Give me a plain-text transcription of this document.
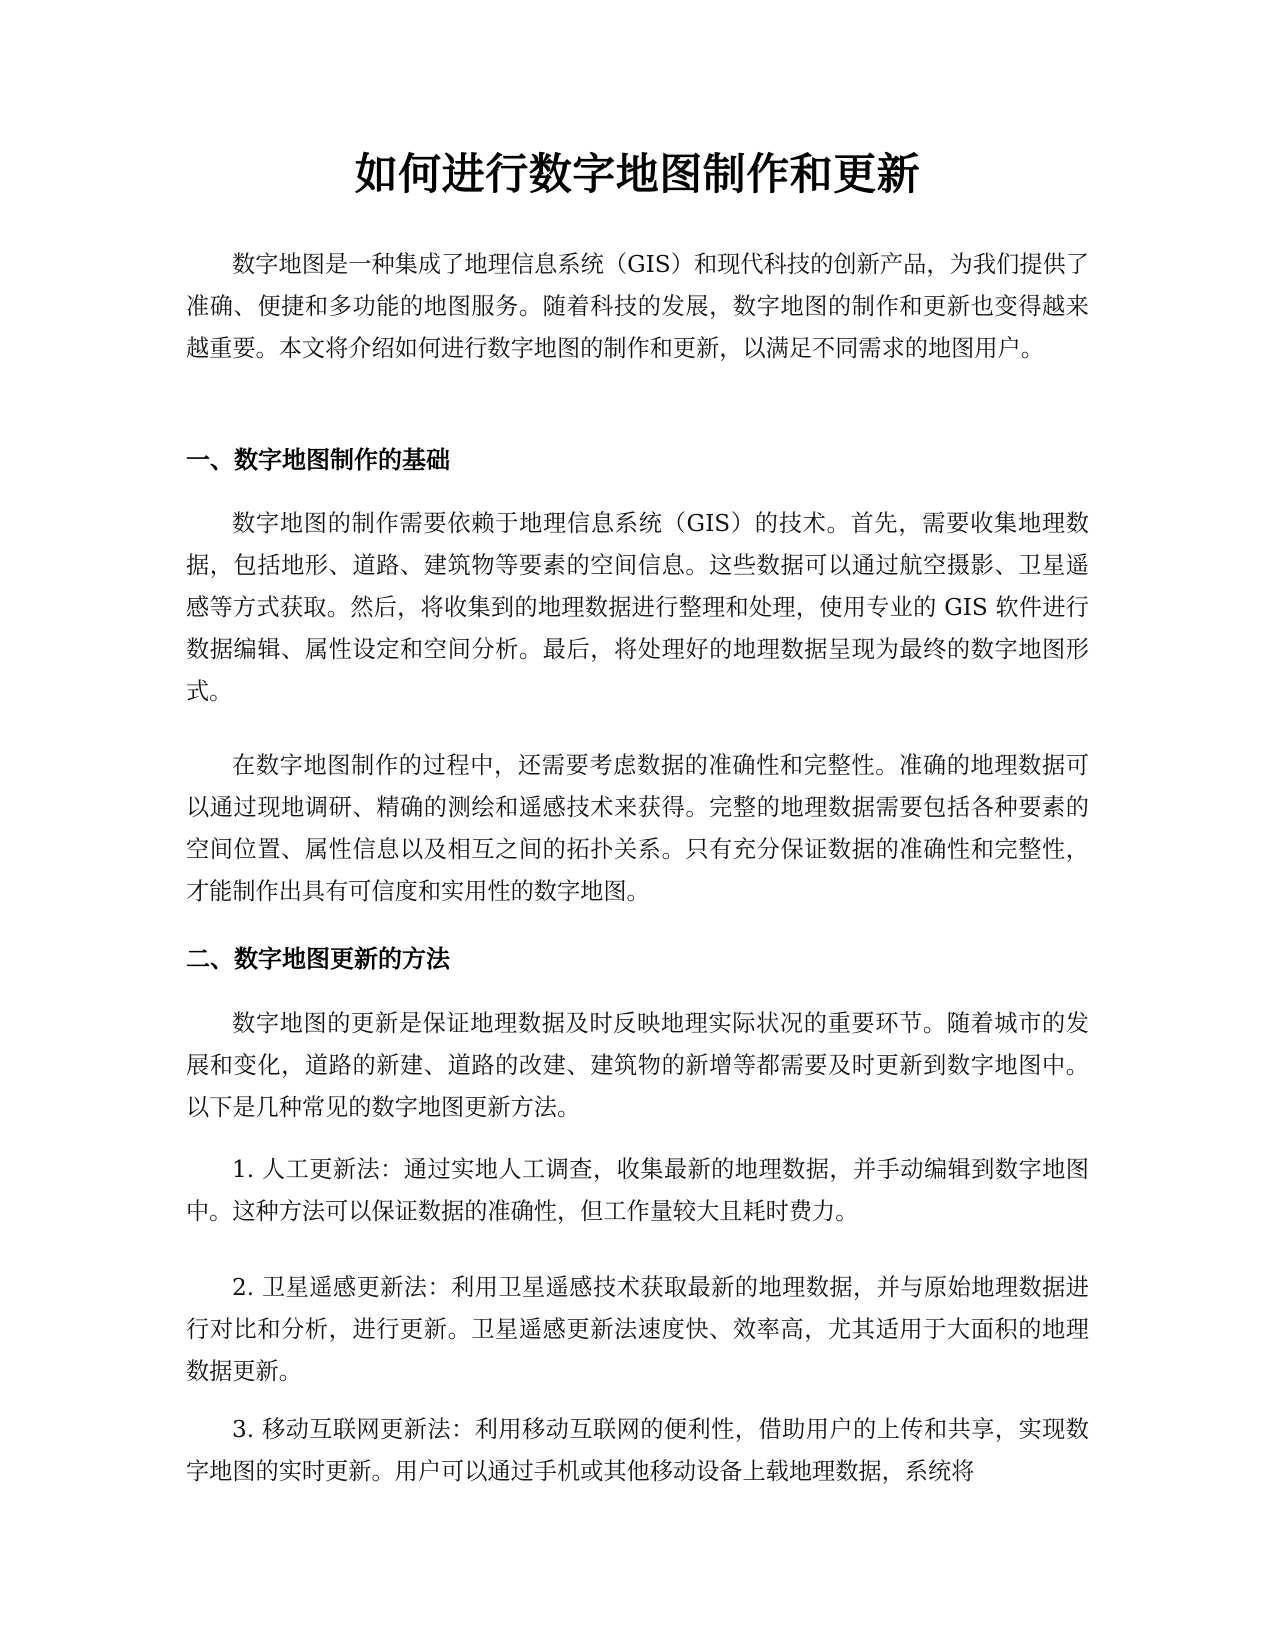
如何进行数字地图制作和更新

数字地图是一种集成了地理信息系统（GIS）和现代科技的创新产品，为我们提供了准确、便捷和多功能的地图服务。随着科技的发展，数字地图的制作和更新也变得越来越重要。本文将介绍如何进行数字地图的制作和更新，以满足不同需求的地图用户。

一、数字地图制作的基础

数字地图的制作需要依赖于地理信息系统（GIS）的技术。首先，需要收集地理数据，包括地形、道路、建筑物等要素的空间信息。这些数据可以通过航空摄影、卫星遥感等方式获取。然后，将收集到的地理数据进行整理和处理，使用专业的 GIS 软件进行数据编辑、属性设定和空间分析。最后，将处理好的地理数据呈现为最终的数字地图形式。

在数字地图制作的过程中，还需要考虑数据的准确性和完整性。准确的地理数据可以通过现地调研、精确的测绘和遥感技术来获得。完整的地理数据需要包括各种要素的空间位置、属性信息以及相互之间的拓扑关系。只有充分保证数据的准确性和完整性，才能制作出具有可信度和实用性的数字地图。

二、数字地图更新的方法

数字地图的更新是保证地理数据及时反映地理实际状况的重要环节。随着城市的发展和变化，道路的新建、道路的改建、建筑物的新增等都需要及时更新到数字地图中。以下是几种常见的数字地图更新方法。

1. 人工更新法：通过实地人工调查，收集最新的地理数据，并手动编辑到数字地图中。这种方法可以保证数据的准确性，但工作量较大且耗时费力。

2. 卫星遥感更新法：利用卫星遥感技术获取最新的地理数据，并与原始地理数据进行对比和分析，进行更新。卫星遥感更新法速度快、效率高，尤其适用于大面积的地理数据更新。

3. 移动互联网更新法：利用移动互联网的便利性，借助用户的上传和共享，实现数字地图的实时更新。用户可以通过手机或其他移动设备上载地理数据，系统将
